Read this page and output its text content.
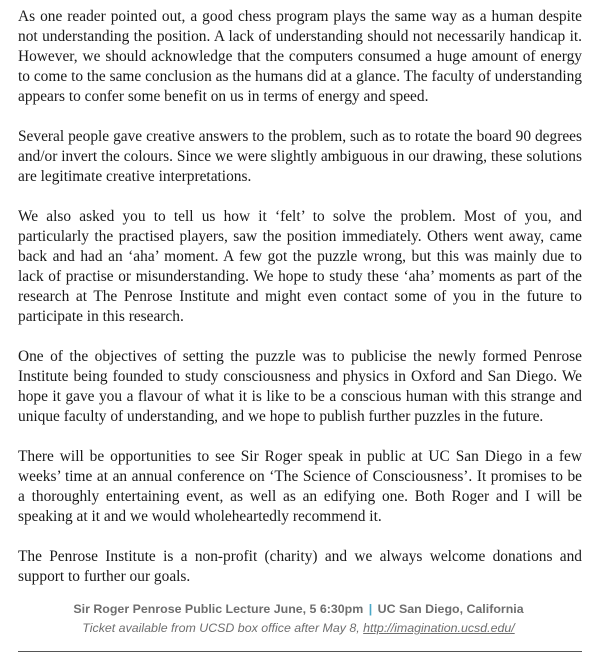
As one reader pointed out, a good chess program plays the same way as a human despite not understanding the position. A lack of understanding should not necessarily handicap it. However, we should acknowledge that the computers consumed a huge amount of energy to come to the same conclusion as the humans did at a glance. The faculty of understanding appears to confer some benefit on us in terms of energy and speed.

Several people gave creative answers to the problem, such as to rotate the board 90 degrees and/or invert the colours. Since we were slightly ambiguous in our drawing, these solutions are legitimate creative interpretations.

We also asked you to tell us how it ‘felt’ to solve the problem. Most of you, and particularly the practised players, saw the position immediately. Others went away, came back and had an ‘aha’ moment. A few got the puzzle wrong, but this was mainly due to lack of practise or misunderstanding. We hope to study these ‘aha’ moments as part of the research at The Penrose Institute and might even contact some of you in the future to participate in this research.

One of the objectives of setting the puzzle was to publicise the newly formed Penrose Institute being founded to study consciousness and physics in Oxford and San Diego. We hope it gave you a flavour of what it is like to be a conscious human with this strange and unique faculty of understanding, and we hope to publish further puzzles in the future.

There will be opportunities to see Sir Roger speak in public at UC San Diego in a few weeks’ time at an annual conference on ‘The Science of Consciousness’. It promises to be a thoroughly entertaining event, as well as an edifying one. Both Roger and I will be speaking at it and we would wholeheartedly recommend it.

The Penrose Institute is a non-profit (charity) and we always welcome donations and support to further our goals.

Sir Roger Penrose Public Lecture June, 5 6:30pm | UC San Diego, California
Ticket available from UCSD box office after May 8, http://imagination.ucsd.edu/
